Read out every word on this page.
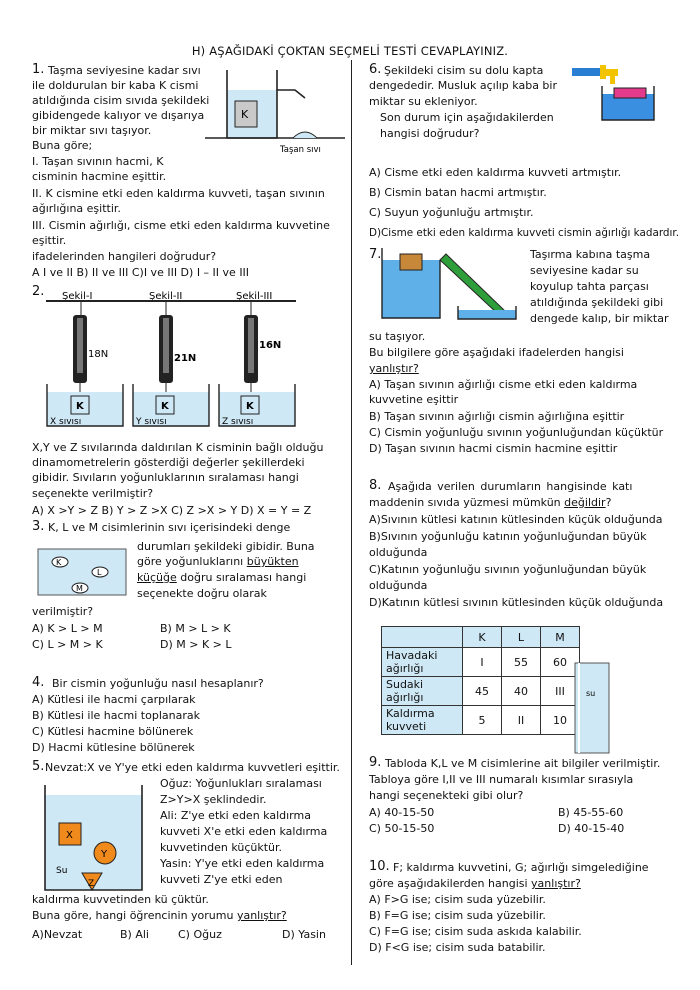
H) AŞAĞIDAKİ ÇOKTAN SEÇMELİ TESTİ CEVAPLAYINIZ.
1. Taşma seviyesine kadar sıvı
ile doldurulan bir kaba K cismi
atıldığında cisim sıvıda şekildeki
gibidengede kalıyor ve dışarıya
bir miktar sıvı taşıyor.
Buna göre;
I. Taşan sıvının hacmi, K
cisminin hacmine eşittir.
II. K cismine etki eden kaldırma kuvveti, taşan sıvının
ağırlığına eşittir.
III. Cismin ağırlığı, cisme etki eden kaldırma kuvvetine
eşittir.
ifadelerinden hangileri doğrudur?
A I ve II B) II ve III C)I ve III D) I – II ve III
K
Taşan sıvı
2. Şekil-I	Şekil-II	Şekil-III
18N	21N
16N
K
X sıvısı
K
Y sıvısı
K
Z sıvısı
X,Y ve Z sıvılarında daldırılan K cisminin bağlı olduğu
dinamometrelerin gösterdiği değerler şekillerdeki
gibidir. Sıvıların yoğunluklarının sıralaması hangi
seçenekte verilmiştir?
A) X >Y > Z B) Y > Z >X C) Z >X > Y D) X = Y = Z
3. K, L ve M cisimlerinin sıvı içerisindeki denge
K
L
M
durumları şekildeki gibidir. Buna
göre yoğunluklarını büyükten
küçüğe doğru sıralaması hangi
seçenekte doğru olarak
verilmiştir?
A) K > L > M	B) M > L > K
C) L > M > K	D) M > K > L
4. Bir cismin yoğunluğu nasıl hesaplanır?
A) Kütlesi ile hacmi çarpılarak
B) Kütlesi ile hacmi toplanarak
C) Kütlesi hacmine bölünerek
D) Hacmi kütlesine bölünerek
5. Nevzat:X ve Y'ye etki eden kaldırma kuvvetleri eşittir.
X
Y
Z
Su
Oğuz: Yoğunlukları sıralaması
Z>Y>X şeklindedir.
Ali: Z'ye etki eden kaldırma
kuvveti X'e etki eden kaldırma
kuvvetinden küçüktür.
Yasin: Y'ye etki eden kaldırma
kuvveti Z'ye etki eden
kaldırma kuvvetinden kü çüktür.
Buna göre, hangi öğrencinin yorumu yanlıştır?
A)Nevzat	B) Ali	C) Oğuz	D) Yasin
6. Şekildeki cisim su dolu kapta
dengededir. Musluk açılıp kaba bir
miktar su ekleniyor.
Son durum için aşağıdakilerden
hangisi doğrudur?
A) Cisme etki eden kaldırma kuvveti artmıştır.
B) Cismin batan hacmi artmıştır.
C) Suyun yoğunluğu artmıştır.
D)Cisme etki eden kaldırma kuvveti cismin ağırlığı kadardır.
7.	Taşırma kabına taşma
seviyesine kadar su
koyulup tahta parçası
atıldığında şekildeki gibi
dengede kalıp, bir miktar
su taşıyor.
Bu bilgilere göre aşağıdaki ifadelerden hangisi
yanlıştır?
A) Taşan sıvının ağırlığı cisme etki eden kaldırma
kuvvetine eşittir
B) Taşan sıvının ağırlığı cismin ağırlığına eşittir
C) Cismin yoğunluğu sıvının yoğunluğundan küçüktür
D) Taşan sıvının hacmi cismin hacmine eşittir
8. Aşağıda verilen durumların hangisinde katı
maddenin sıvıda yüzmesi mümkün değildir?
A)Sıvının kütlesi katının kütlesinden küçük olduğunda
B)Sıvının yoğunluğu katının yoğunluğundan büyük
olduğunda
C)Katının yoğunluğu sıvının yoğunluğundan büyük
olduğunda
D)Katının kütlesi sıvının kütlesinden küçük olduğunda
	K	L	M
Havadaki ağırlığı	I	55	60
Sudaki ağırlığı	45	40	III
Kaldırma kuvveti	5	II	10
su
9. Tabloda K,L ve M cisimlerine ait bilgiler verilmiştir.
Tabloya göre I,II ve III numaralı kısımlar sırasıyla
hangi seçenekteki gibi olur?
A) 40-15-50	B) 45-55-60
C) 50-15-50	D) 40-15-40
10. F; kaldırma kuvvetini, G; ağırlığı simgelediğine
göre aşağıdakilerden hangisi yanlıştır?
A) F>G ise; cisim suda yüzebilir.
B) F=G ise; cisim suda yüzebilir.
C) F=G ise; cisim suda askıda kalabilir.
D) F<G ise; cisim suda batabilir.
